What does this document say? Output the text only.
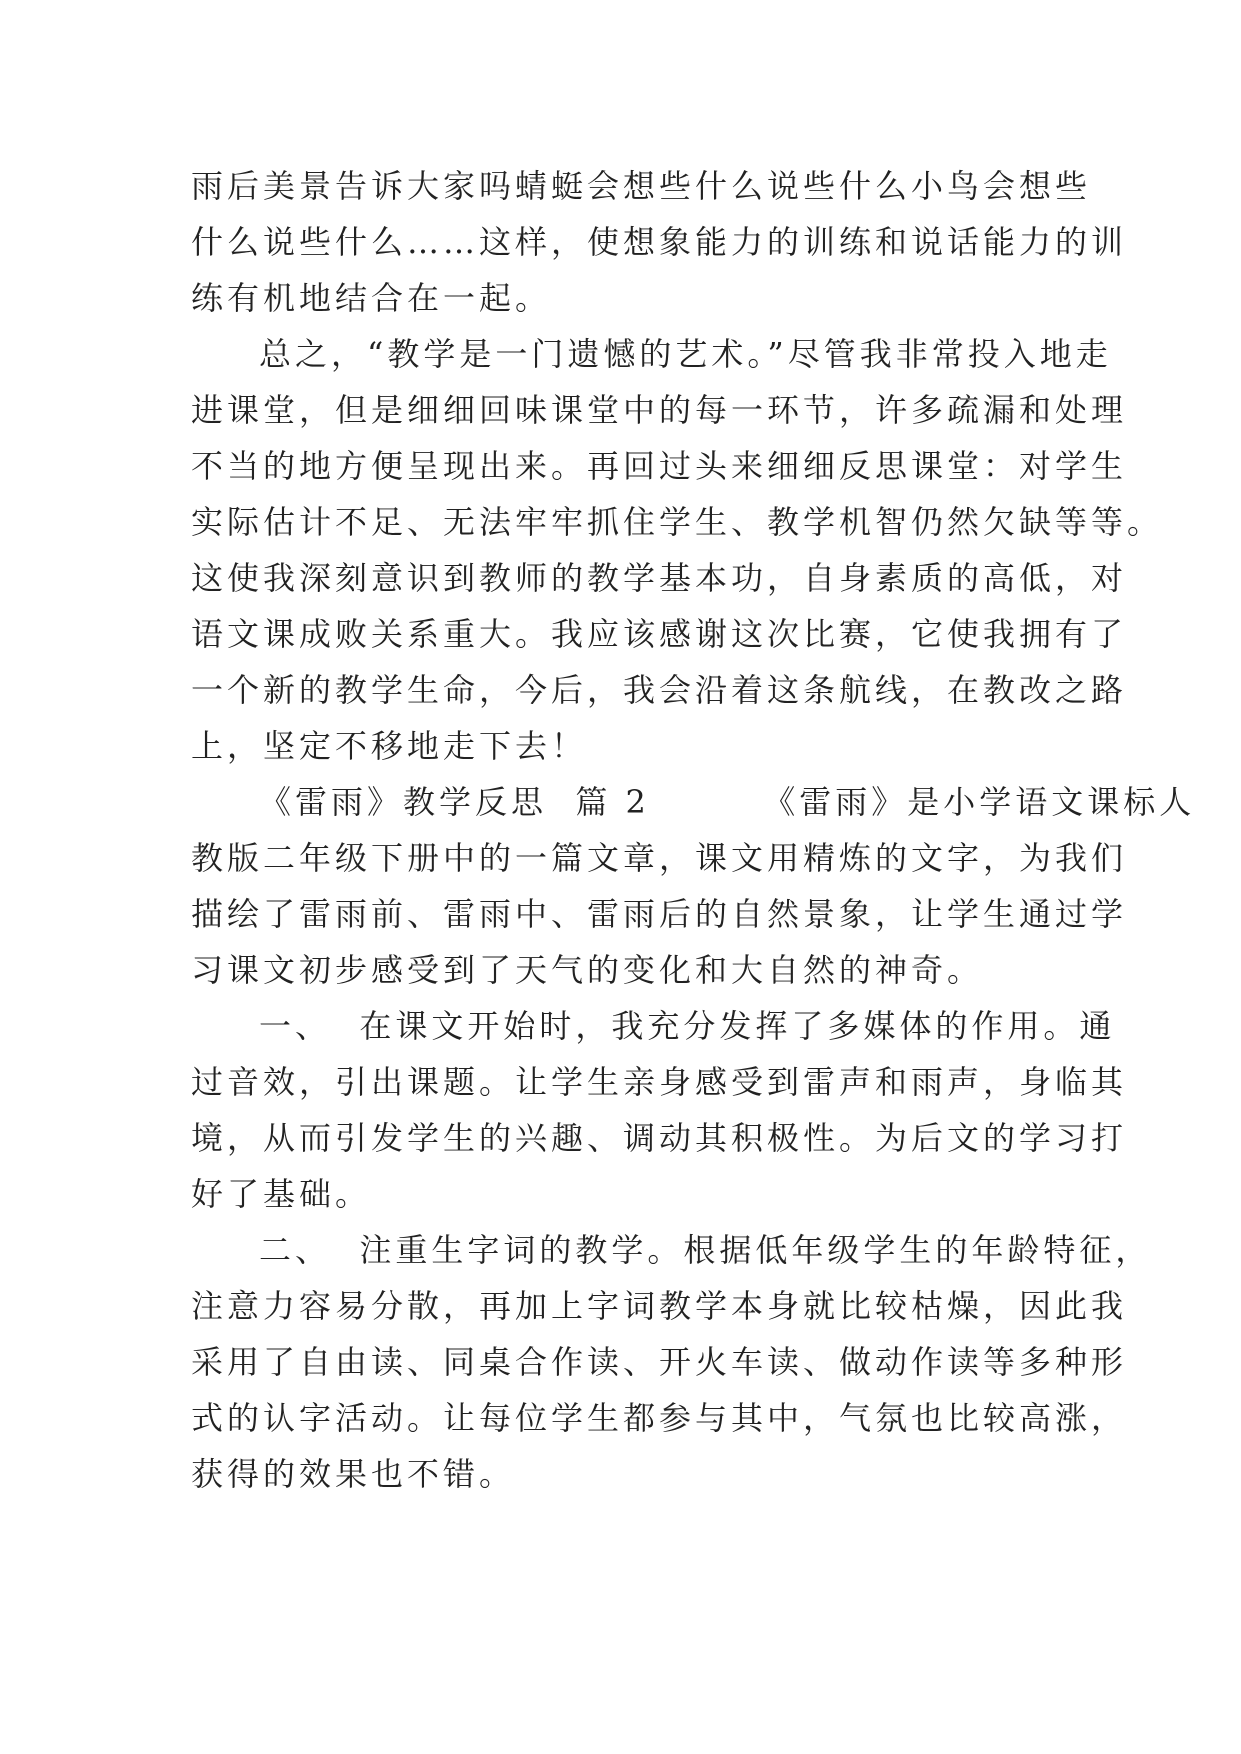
雨后美景告诉大家吗蜻蜓会想些什么说些什么小鸟会想些
什么说些什么……这样，使想象能力的训练和说话能力的训
练有机地结合在一起。

总之，“教学是一门遗憾的艺术。”尽管我非常投入地走
进课堂，但是细细回味课堂中的每一环节，许多疏漏和处理
不当的地方便呈现出来。再回过头来细细反思课堂：对学生
实际估计不足、无法牢牢抓住学生、教学机智仍然欠缺等等。
这使我深刻意识到教师的教学基本功，自身素质的高低，对
语文课成败关系重大。我应该感谢这次比赛，它使我拥有了
一个新的教学生命，今后，我会沿着这条航线，在教改之路
上，坚定不移地走下去！

《雷雨》教学反思  篇 2        《雷雨》是小学语文课标人
教版二年级下册中的一篇文章，课文用精炼的文字，为我们
描绘了雷雨前、雷雨中、雷雨后的自然景象，让学生通过学
习课文初步感受到了天气的变化和大自然的神奇。

一、  在课文开始时，我充分发挥了多媒体的作用。通
过音效，引出课题。让学生亲身感受到雷声和雨声，身临其
境，从而引发学生的兴趣、调动其积极性。为后文的学习打
好了基础。

二、  注重生字词的教学。根据低年级学生的年龄特征，
注意力容易分散，再加上字词教学本身就比较枯燥，因此我
采用了自由读、同桌合作读、开火车读、做动作读等多种形
式的认字活动。让每位学生都参与其中，气氛也比较高涨，
获得的效果也不错。
